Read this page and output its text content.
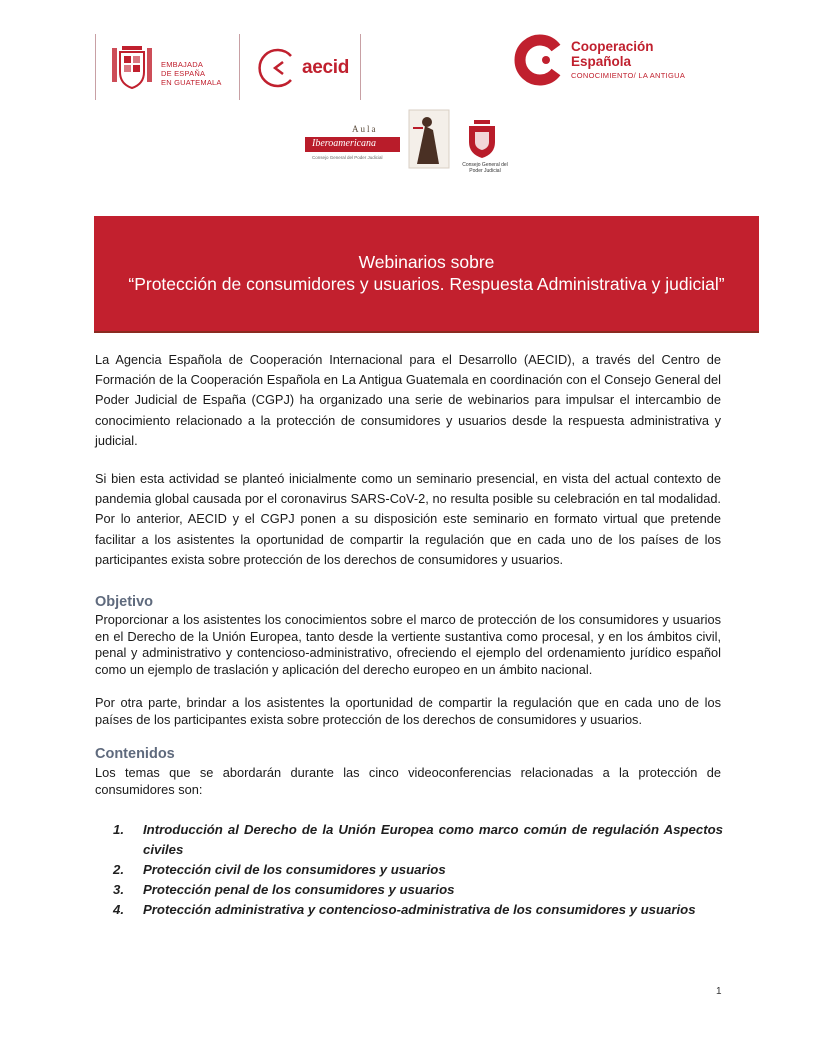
EMBAJADA
DE ESPAÑA
EN GUATEMALA
aecid
Cooperación
Española
CONOCIMIENTO/ LA ANTIGUA
Aula
Iberoamericana
Consejo General del Poder Judicial
Consejo General del Poder Judicial
Webinarios sobre
“Protección de consumidores y usuarios. Respuesta Administrativa y judicial”
La Agencia Española de Cooperación Internacional para el Desarrollo (AECID), a través del Centro de Formación de la Cooperación Española en La Antigua Guatemala en coordinación con el Consejo General del Poder Judicial de España (CGPJ) ha organizado una serie de webinarios para impulsar el intercambio de conocimiento relacionado a la protección de consumidores y usuarios desde la respuesta administrativa y judicial.
Si bien esta actividad se planteó inicialmente como un seminario presencial, en vista del actual contexto de pandemia global causada por el coronavirus SARS-CoV-2, no resulta posible su celebración en tal modalidad. Por lo anterior, AECID y el CGPJ ponen a su disposición este seminario en formato virtual que pretende facilitar a los asistentes la oportunidad de compartir la regulación que en cada uno de los países de los participantes exista sobre protección de los derechos de consumidores y usuarios.
Objetivo
Proporcionar a los asistentes los conocimientos sobre el marco de protección de los consumidores y usuarios en el Derecho de la Unión Europea, tanto desde la vertiente sustantiva como procesal, y en los ámbitos civil, penal y administrativo y contencioso-administrativo, ofreciendo el ejemplo del ordenamiento jurídico español como un ejemplo de traslación y aplicación del derecho europeo en un ámbito nacional.
Por otra parte, brindar a los asistentes la oportunidad de compartir la regulación que en cada uno de los países de los participantes exista sobre protección de los derechos de consumidores y usuarios.
Contenidos
Los temas que se abordarán durante las cinco videoconferencias relacionadas a la protección de consumidores son:
1.	Introducción al Derecho de la Unión Europea como marco común de regulación Aspectos civiles
2.	Protección civil de los consumidores y usuarios
3.	Protección penal de los consumidores y usuarios
4.	Protección administrativa y contencioso-administrativa de los consumidores y usuarios
1
